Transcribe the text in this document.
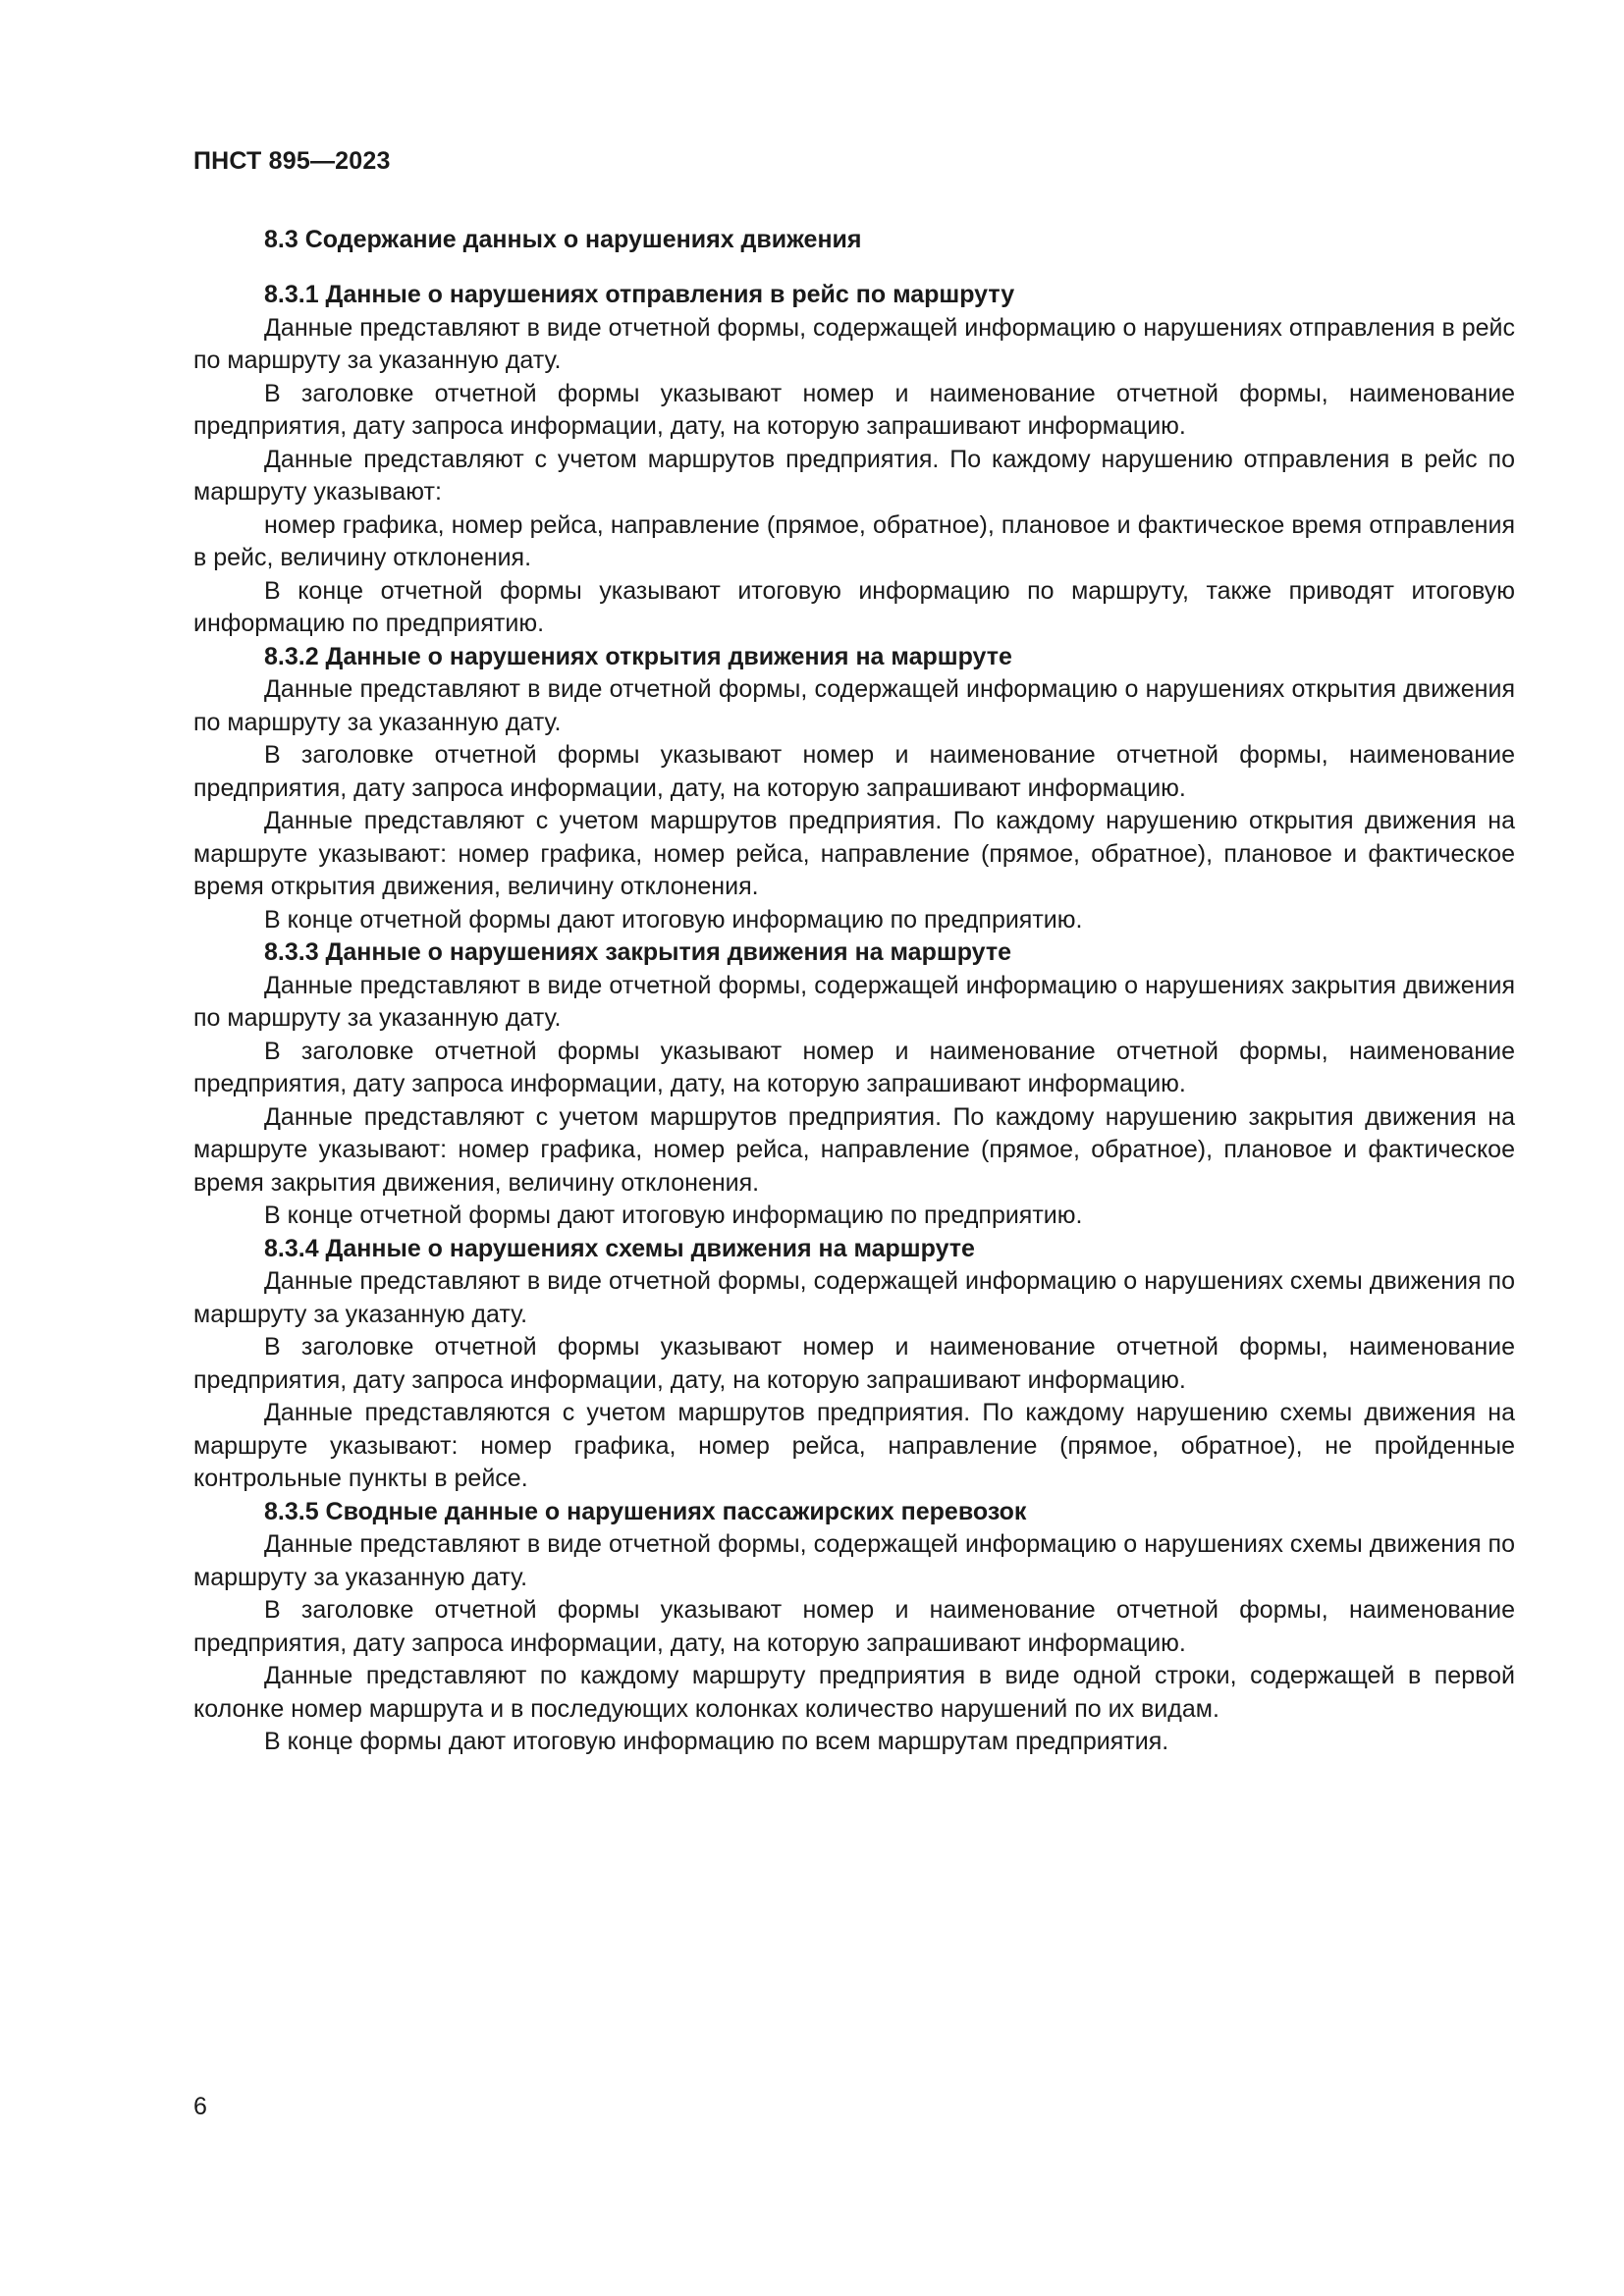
ПНСТ 895—2023

8.3 Содержание данных о нарушениях движения

8.3.1 Данные о нарушениях отправления в рейс по маршруту

Данные представляют в виде отчетной формы, содержащей информацию о нарушениях отправления в рейс по маршруту за указанную дату.

В заголовке отчетной формы указывают номер и наименование отчетной формы, наименование предприятия, дату запроса информации, дату, на которую запрашивают информацию.

Данные представляют с учетом маршрутов предприятия. По каждому нарушению отправления в рейс по маршруту указывают:

номер графика, номер рейса, направление (прямое, обратное), плановое и фактическое время отправления в рейс, величину отклонения.

В конце отчетной формы указывают итоговую информацию по маршруту, также приводят итоговую информацию по предприятию.

8.3.2 Данные о нарушениях открытия движения на маршруте

Данные представляют в виде отчетной формы, содержащей информацию о нарушениях открытия движения по маршруту за указанную дату.

В заголовке отчетной формы указывают номер и наименование отчетной формы, наименование предприятия, дату запроса информации, дату, на которую запрашивают информацию.

Данные представляют с учетом маршрутов предприятия. По каждому нарушению открытия движения на маршруте указывают: номер графика, номер рейса, направление (прямое, обратное), плановое и фактическое время открытия движения, величину отклонения.

В конце отчетной формы дают итоговую информацию по предприятию.

8.3.3 Данные о нарушениях закрытия движения на маршруте

Данные представляют в виде отчетной формы, содержащей информацию о нарушениях закрытия движения по маршруту за указанную дату.

В заголовке отчетной формы указывают номер и наименование отчетной формы, наименование предприятия, дату запроса информации, дату, на которую запрашивают информацию.

Данные представляют с учетом маршрутов предприятия. По каждому нарушению закрытия движения на маршруте указывают: номер графика, номер рейса, направление (прямое, обратное), плановое и фактическое время закрытия движения, величину отклонения.

В конце отчетной формы дают итоговую информацию по предприятию.

8.3.4 Данные о нарушениях схемы движения на маршруте

Данные представляют в виде отчетной формы, содержащей информацию о нарушениях схемы движения по маршруту за указанную дату.

В заголовке отчетной формы указывают номер и наименование отчетной формы, наименование предприятия, дату запроса информации, дату, на которую запрашивают информацию.

Данные представляются с учетом маршрутов предприятия. По каждому нарушению схемы движения на маршруте указывают: номер графика, номер рейса, направление (прямое, обратное), не пройденные контрольные пункты в рейсе.

8.3.5 Сводные данные о нарушениях пассажирских перевозок

Данные представляют в виде отчетной формы, содержащей информацию о нарушениях схемы движения по маршруту за указанную дату.

В заголовке отчетной формы указывают номер и наименование отчетной формы, наименование предприятия, дату запроса информации, дату, на которую запрашивают информацию.

Данные представляют по каждому маршруту предприятия в виде одной строки, содержащей в первой колонке номер маршрута и в последующих колонках количество нарушений по их видам.

В конце формы дают итоговую информацию по всем маршрутам предприятия.

6
